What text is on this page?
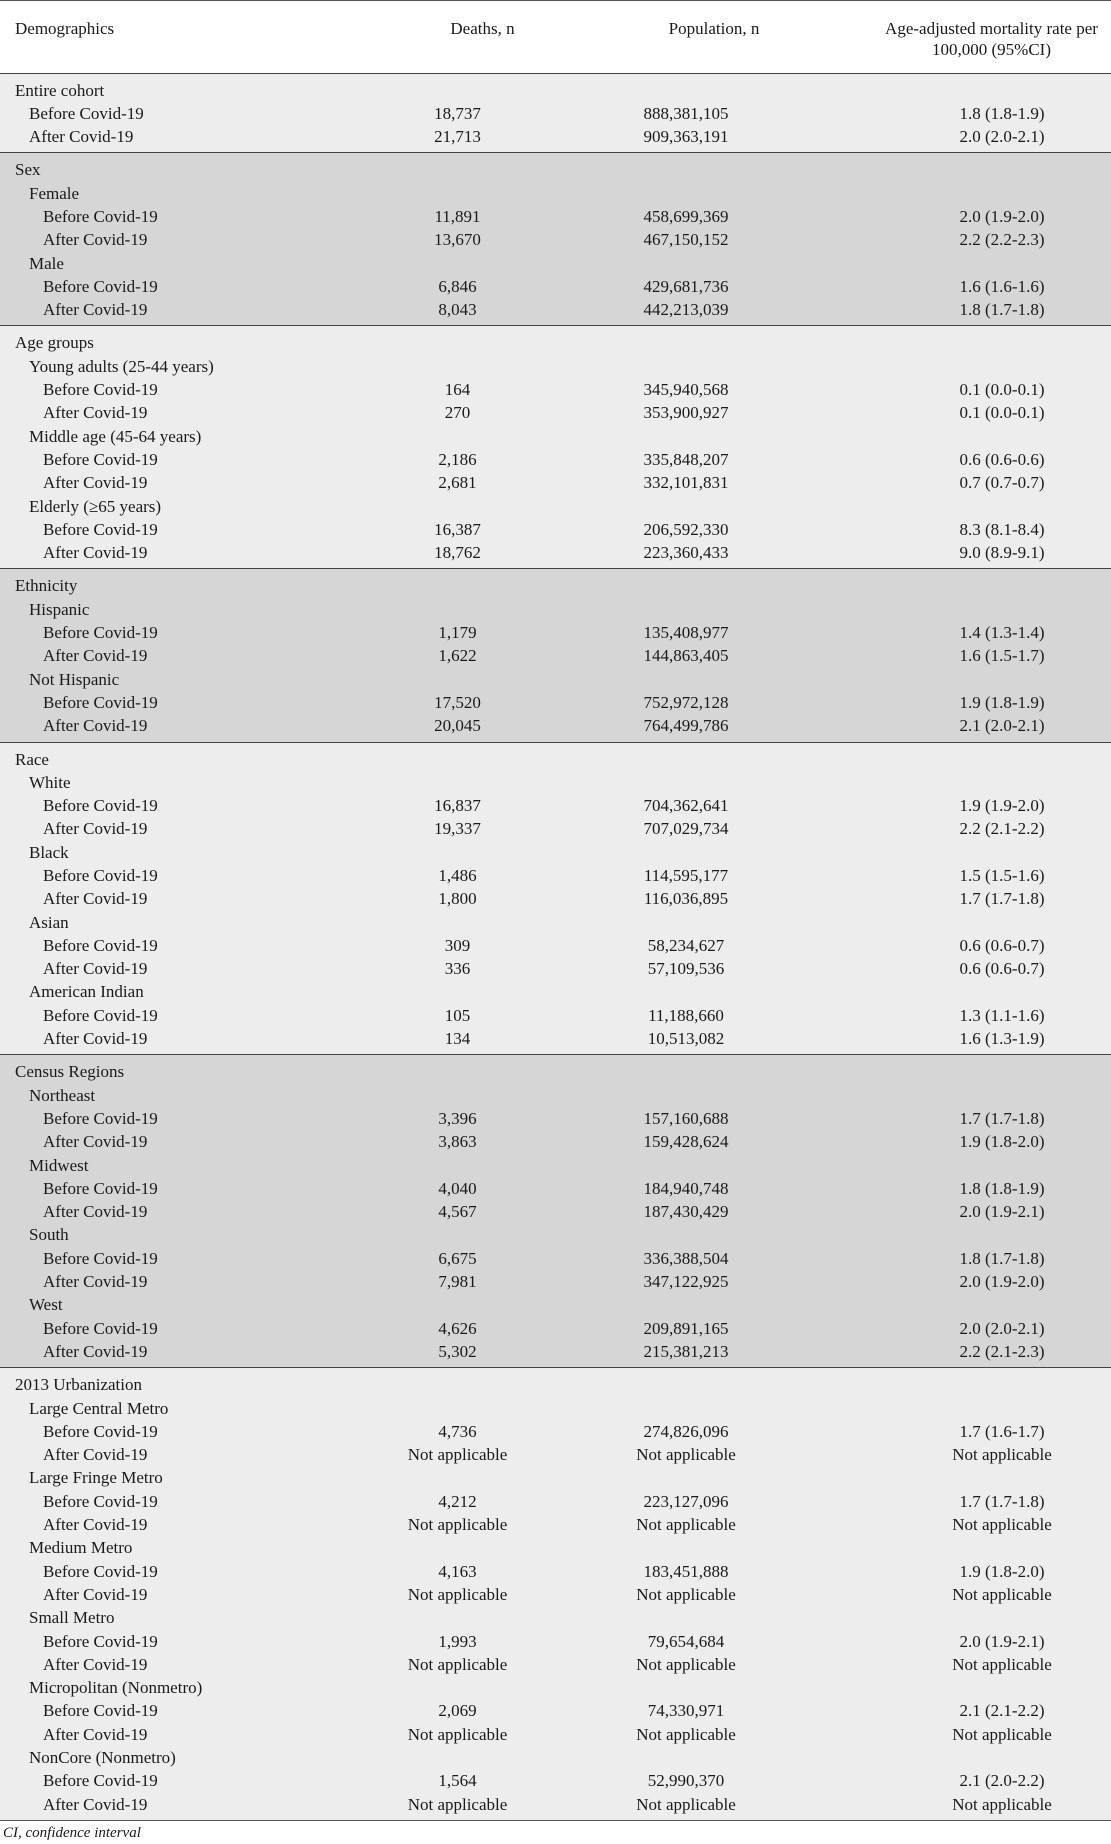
Demographics	Deaths, n	Population, n	Age-adjusted mortality rate per 100,000 (95%CI)
Entire cohort			
Before Covid-19	18,737	888,381,105	1.8 (1.8-1.9)
After Covid-19	21,713	909,363,191	2.0 (2.0-2.1)
Sex			
Female			
Before Covid-19	11,891	458,699,369	2.0 (1.9-2.0)
After Covid-19	13,670	467,150,152	2.2 (2.2-2.3)
Male			
Before Covid-19	6,846	429,681,736	1.6 (1.6-1.6)
After Covid-19	8,043	442,213,039	1.8 (1.7-1.8)
Age groups			
Young adults (25-44 years)			
Before Covid-19	164	345,940,568	0.1 (0.0-0.1)
After Covid-19	270	353,900,927	0.1 (0.0-0.1)
Middle age (45-64 years)			
Before Covid-19	2,186	335,848,207	0.6 (0.6-0.6)
After Covid-19	2,681	332,101,831	0.7 (0.7-0.7)
Elderly (≥65 years)			
Before Covid-19	16,387	206,592,330	8.3 (8.1-8.4)
After Covid-19	18,762	223,360,433	9.0 (8.9-9.1)
Ethnicity			
Hispanic			
Before Covid-19	1,179	135,408,977	1.4 (1.3-1.4)
After Covid-19	1,622	144,863,405	1.6 (1.5-1.7)
Not Hispanic			
Before Covid-19	17,520	752,972,128	1.9 (1.8-1.9)
After Covid-19	20,045	764,499,786	2.1 (2.0-2.1)
Race			
White			
Before Covid-19	16,837	704,362,641	1.9 (1.9-2.0)
After Covid-19	19,337	707,029,734	2.2 (2.1-2.2)
Black			
Before Covid-19	1,486	114,595,177	1.5 (1.5-1.6)
After Covid-19	1,800	116,036,895	1.7 (1.7-1.8)
Asian			
Before Covid-19	309	58,234,627	0.6 (0.6-0.7)
After Covid-19	336	57,109,536	0.6 (0.6-0.7)
American Indian			
Before Covid-19	105	11,188,660	1.3 (1.1-1.6)
After Covid-19	134	10,513,082	1.6 (1.3-1.9)
Census Regions			
Northeast			
Before Covid-19	3,396	157,160,688	1.7 (1.7-1.8)
After Covid-19	3,863	159,428,624	1.9 (1.8-2.0)
Midwest			
Before Covid-19	4,040	184,940,748	1.8 (1.8-1.9)
After Covid-19	4,567	187,430,429	2.0 (1.9-2.1)
South			
Before Covid-19	6,675	336,388,504	1.8 (1.7-1.8)
After Covid-19	7,981	347,122,925	2.0 (1.9-2.0)
West			
Before Covid-19	4,626	209,891,165	2.0 (2.0-2.1)
After Covid-19	5,302	215,381,213	2.2 (2.1-2.3)
2013 Urbanization			
Large Central Metro			
Before Covid-19	4,736	274,826,096	1.7 (1.6-1.7)
After Covid-19	Not applicable	Not applicable	Not applicable
Large Fringe Metro			
Before Covid-19	4,212	223,127,096	1.7 (1.7-1.8)
After Covid-19	Not applicable	Not applicable	Not applicable
Medium Metro			
Before Covid-19	4,163	183,451,888	1.9 (1.8-2.0)
After Covid-19	Not applicable	Not applicable	Not applicable
Small Metro			
Before Covid-19	1,993	79,654,684	2.0 (1.9-2.1)
After Covid-19	Not applicable	Not applicable	Not applicable
Micropolitan (Nonmetro)			
Before Covid-19	2,069	74,330,971	2.1 (2.1-2.2)
After Covid-19	Not applicable	Not applicable	Not applicable
NonCore (Nonmetro)			
Before Covid-19	1,564	52,990,370	2.1 (2.0-2.2)
After Covid-19	Not applicable	Not applicable	Not applicable
CI, confidence interval
